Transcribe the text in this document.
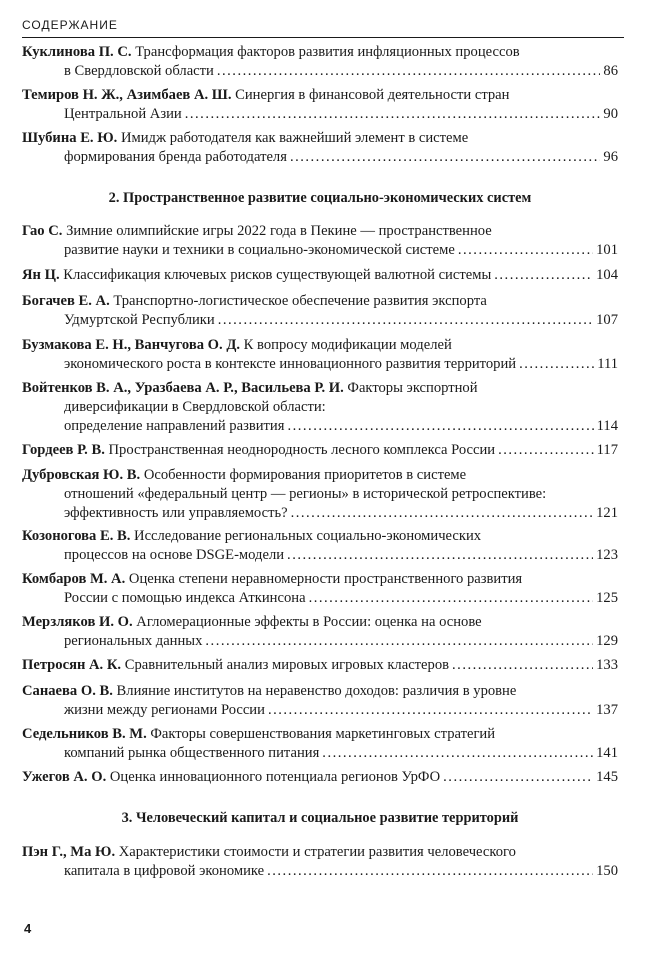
СОДЕРЖАНИЕ
Куклинова П. С. Трансформация факторов развития инфляционных процессов
в Свердловской области .....	86
Темиров Н. Ж., Азимбаев А. Ш. Синергия в финансовой деятельности стран
Центральной Азии .....	90
Шубина Е. Ю. Имидж работодателя как важнейший элемент в системе
формирования бренда работодателя .....	96
2. Пространственное развитие социально-экономических систем
Гао С. Зимние олимпийские игры 2022 года в Пекине — пространственное
развитие науки и техники в социально-экономической системе .....	101
Ян Ц. Классификация ключевых рисков существующей валютной системы .....	104
Богачев Е. А. Транспортно-логистическое обеспечение развития экспорта
Удмуртской Республики .....	107
Бузмакова Е. Н., Ванчугова О. Д. К вопросу модификации моделей
экономического роста в контексте инновационного развития территорий .....	111
Войтенков В. А., Уразбаева А. Р., Васильева Р. И. Факторы экспортной
диверсификации в Свердловской области:
определение направлений развития .....	114
Гордеев Р. В. Пространственная неоднородность лесного комплекса России .....	117
Дубровская Ю. В. Особенности формирования приоритетов в системе
отношений «федеральный центр — регионы» в исторической ретроспективе:
эффективность или управляемость? .....	121
Козоногова Е. В. Исследование региональных социально-экономических
процессов на основе DSGE-модели .....	123
Комбаров М. А. Оценка степени неравномерности пространственного развития
России с помощью индекса Аткинсона .....	125
Мерзляков И. О. Агломерационные эффекты в России: оценка на основе
региональных данных .....	129
Петросян А. К. Сравнительный анализ мировых игровых кластеров .....	133
Санаева О. В. Влияние институтов на неравенство доходов: различия в уровне
жизни между регионами России .....	137
Седельников В. М. Факторы совершенствования маркетинговых стратегий
компаний рынка общественного питания .....	141
Ужегов А. О. Оценка инновационного потенциала регионов УрФО .....	145
3. Человеческий капитал и социальное развитие территорий
Пэн Г., Ма Ю. Характеристики стоимости и стратегии развития человеческого
капитала в цифровой экономике .....	150
4
